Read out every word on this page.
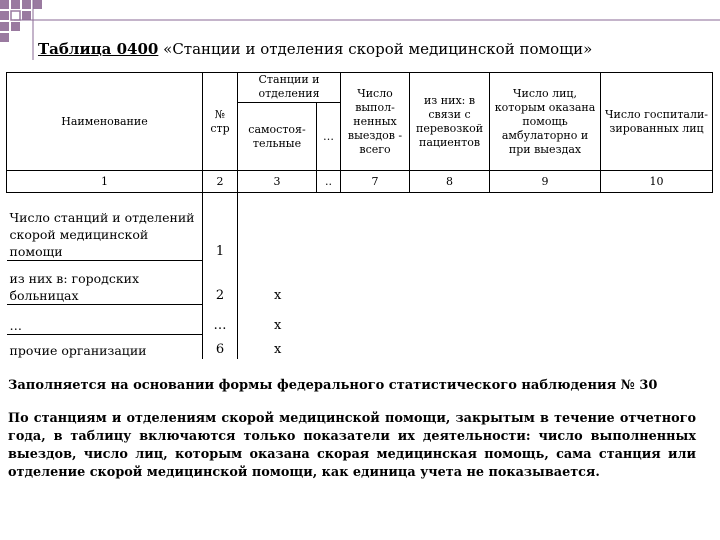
Таблица 0400 «Станции и отделения скорой медицинской помощи»
Наименование	№ стр	Станции и отделения		Число выпол-ненных выездов - всего	из них: в связи с перевозкой пациентов	Число лиц, которым оказана помощь амбулаторно и при выездах	Число госпитали-зированных лиц
		самостоя-тельные	…				
1	2	3	..	7	8	9	10
Число станций и отделений скорой медицинской помощи	1						
из них в: городских больницах	2	х					
…	…	х					
прочие организации	6	х					
Заполняется на основании формы федерального статистического наблюдения № 30
По станциям и отделениям скорой медицинской помощи, закрытым в течение отчетного года, в таблицу включаются только показатели их деятельности: число выполненных выездов, число лиц, которым оказана скорая медицинская помощь, сама станция или отделение скорой медицинской помощи, как единица учета не показывается.
